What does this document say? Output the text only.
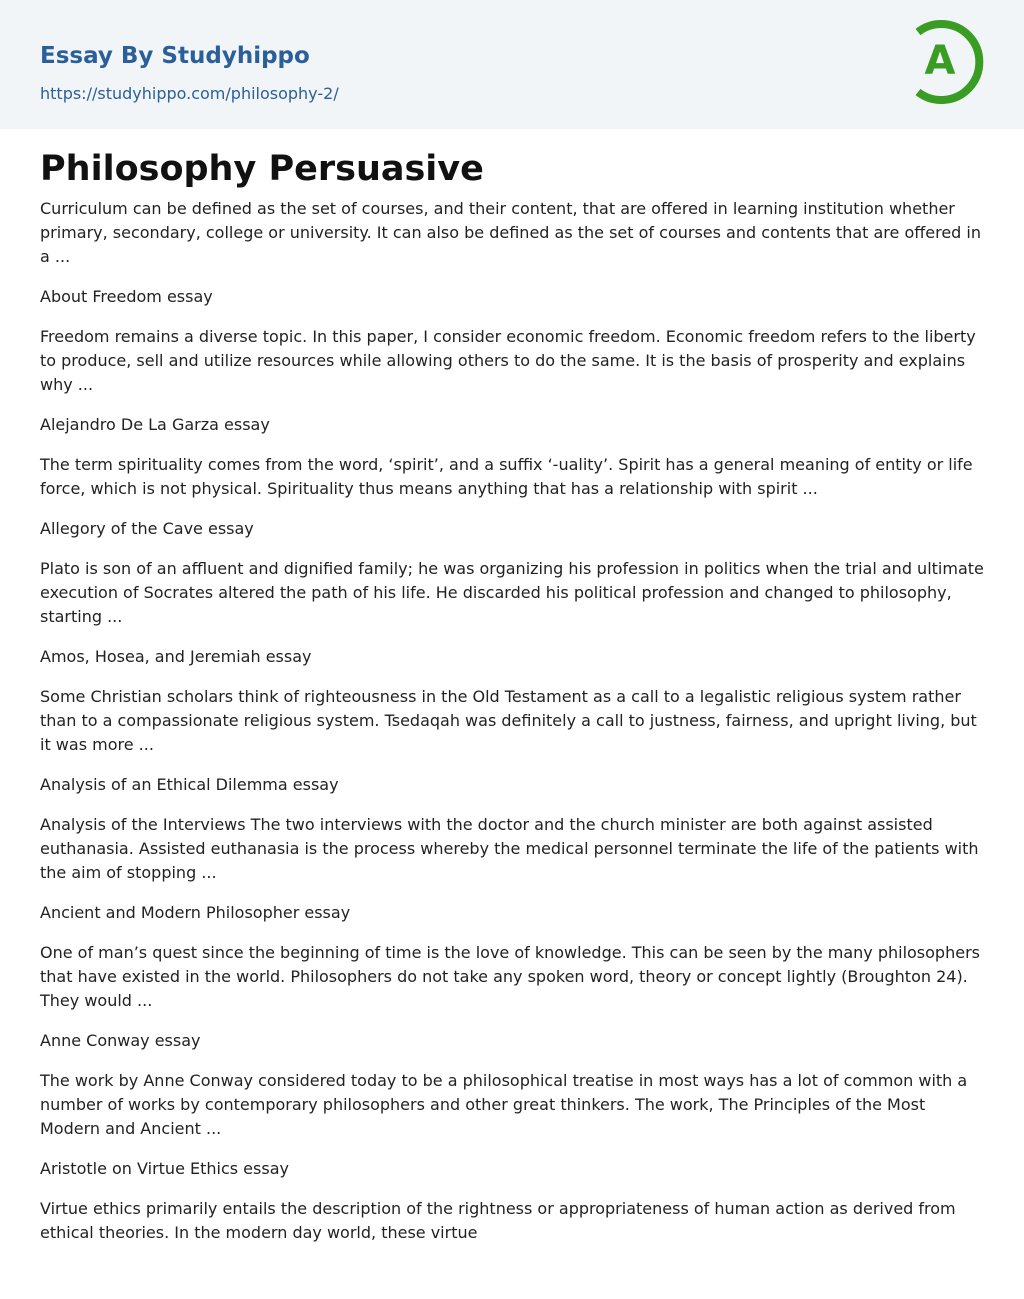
Essay By Studyhippo
https://studyhippo.com/philosophy-2/
A
Philosophy Persuasive

Curriculum can be defined as the set of courses, and their content, that are offered in learning institution whether primary, secondary, college or university. It can also be defined as the set of courses and contents that are offered in a ...

About Freedom essay

Freedom remains a diverse topic. In this paper, I consider economic freedom. Economic freedom refers to the liberty to produce, sell and utilize resources while allowing others to do the same. It is the basis of prosperity and explains why ...

Alejandro De La Garza essay

The term spirituality comes from the word, ‘spirit’, and a suffix ‘-uality’. Spirit has a general meaning of entity or life force, which is not physical. Spirituality thus means anything that has a relationship with spirit ...

Allegory of the Cave essay

Plato is son of an affluent and dignified family; he was organizing his profession in politics when the trial and ultimate execution of Socrates altered the path of his life. He discarded his political profession and changed to philosophy, starting ...

Amos, Hosea, and Jeremiah essay

Some Christian scholars think of righteousness in the Old Testament as a call to a legalistic religious system rather than to a compassionate religious system. Tsedaqah was definitely a call to justness, fairness, and upright living, but it was more ...

Analysis of an Ethical Dilemma essay

Analysis of the Interviews The two interviews with the doctor and the church minister are both against assisted euthanasia. Assisted euthanasia is the process whereby the medical personnel terminate the life of the patients with the aim of stopping ...

Ancient and Modern Philosopher essay

One of man’s quest since the beginning of time is the love of knowledge. This can be seen by the many philosophers that have existed in the world. Philosophers do not take any spoken word, theory or concept lightly (Broughton 24). They would ...

Anne Conway essay

The work by Anne Conway considered today to be a philosophical treatise in most ways has a lot of common with a number of works by contemporary philosophers and other great thinkers. The work, The Principles of the Most Modern and Ancient ...

Aristotle on Virtue Ethics essay

Virtue ethics primarily entails the description of the rightness or appropriateness of human action as derived from ethical theories. In the modern day world, these virtue
